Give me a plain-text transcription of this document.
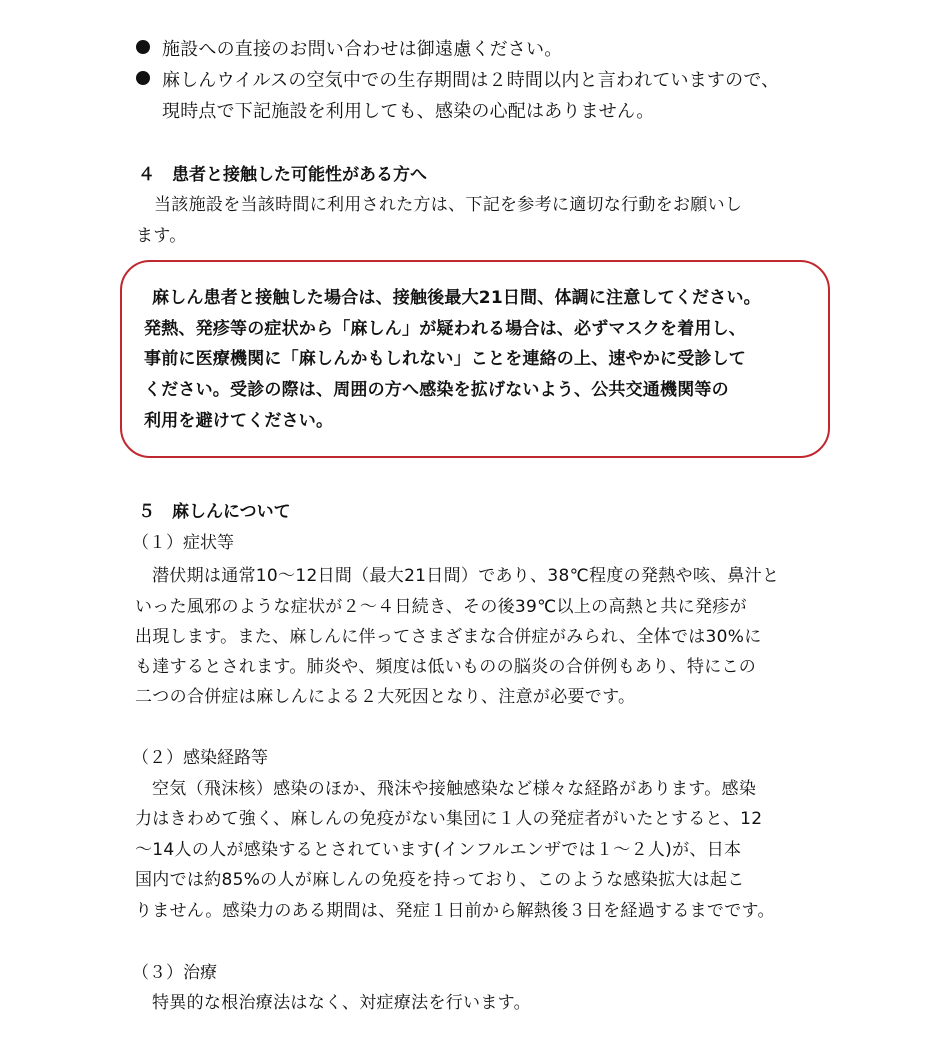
施設への直接のお問い合わせは御遠慮ください。
麻しんウイルスの空気中での生存期間は２時間以内と言われていますので、
現時点で下記施設を利用しても、感染の心配はありません。
４　患者と接触した可能性がある方へ
当該施設を当該時間に利用された方は、下記を参考に適切な行動をお願いし
ます。
麻しん患者と接触した場合は、接触後最大21日間、体調に注意してください。
発熱、発疹等の症状から「麻しん」が疑われる場合は、必ずマスクを着用し、
事前に医療機関に「麻しんかもしれない」ことを連絡の上、速やかに受診して
ください。受診の際は、周囲の方へ感染を拡げないよう、公共交通機関等の
利用を避けてください。
５　麻しんについて
（１）症状等
潜伏期は通常10～12日間（最大21日間）であり、38℃程度の発熱や咳、鼻汁と
いった風邪のような症状が２～４日続き、その後39℃以上の高熱と共に発疹が
出現します。また、麻しんに伴ってさまざまな合併症がみられ、全体では30%に
も達するとされます。肺炎や、頻度は低いものの脳炎の合併例もあり、特にこの
二つの合併症は麻しんによる２大死因となり、注意が必要です。
（２）感染経路等
空気（飛沫核）感染のほか、飛沫や接触感染など様々な経路があります。感染
力はきわめて強く、麻しんの免疫がない集団に１人の発症者がいたとすると、12
～14人の人が感染するとされています(インフルエンザでは１～２人)が、日本
国内では約85%の人が麻しんの免疫を持っており、このような感染拡大は起こ
りません。感染力のある期間は、発症１日前から解熱後３日を経過するまでです。
（３）治療
特異的な根治療法はなく、対症療法を行います。
